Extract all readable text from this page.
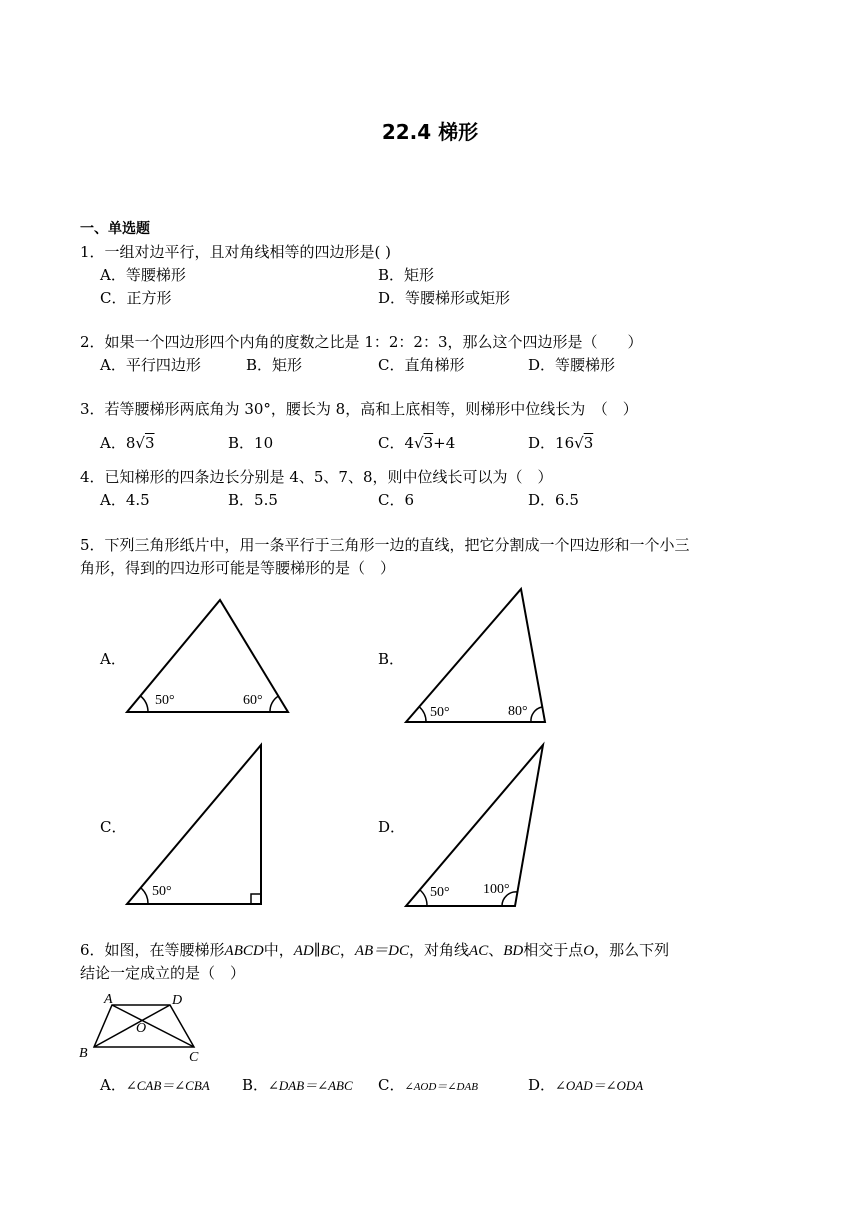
22.4 梯形
一、单选题
1．一组对边平行，且对角线相等的四边形是( )
A．等腰梯形	B．矩形
C．正方形	D．等腰梯形或矩形
2．如果一个四边形四个内角的度数之比是 1：2：2：3，那么这个四边形是（　　）
A．平行四边形	B．矩形	C．直角梯形	D．等腰梯形
3．若等腰梯形两底角为 30°，腰长为 8，高和上底相等，则梯形中位线长为　（　）
A．8√3	B．10	C．4√3+4	D．16√3
4．已知梯形的四条边长分别是 4、5、7、8，则中位线长可以为（　）
A．4.5	B．5.5	C．6	D．6.5
5．下列三角形纸片中，用一条平行于三角形一边的直线，把它分割成一个四边形和一个小三
角形，得到的四边形可能是等腰梯形的是（　）
A．	B．
C．	D．
50°	60°
50°	80°
50°	50° 100°
A	D
O
B	C
6．如图，在等腰梯形ABCD中，AD∥BC，AB＝DC，对角线AC、BD相交于点O，那么下列
结论一定成立的是（　）
A．∠CAB＝∠CBA B．∠DAB＝∠ABC C．∠AOD＝∠DAB	D．∠OAD＝∠ODA
